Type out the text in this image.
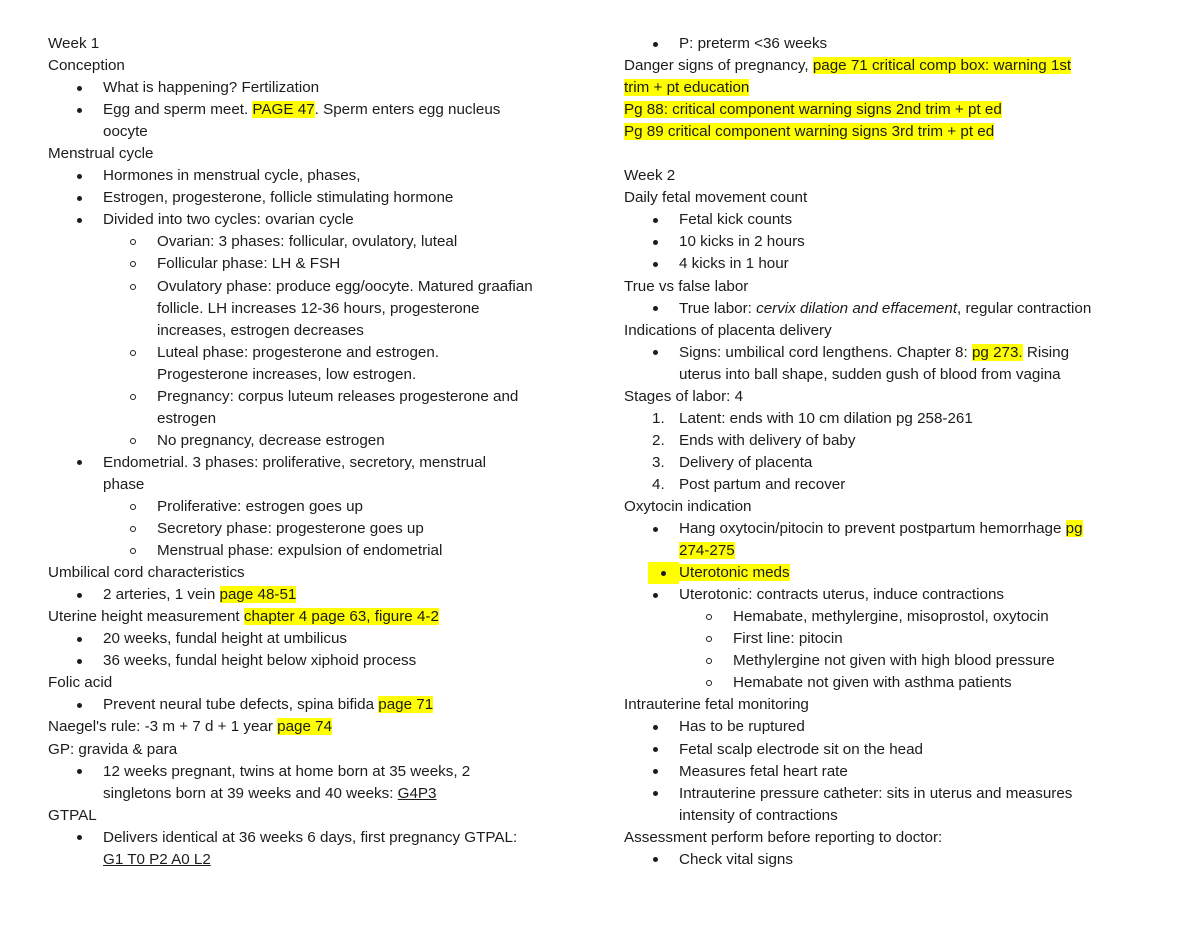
Week 1
Conception
What is happening? Fertilization
Egg and sperm meet. PAGE 47. Sperm enters egg nucleus
oocyte
Menstrual cycle
Hormones in menstrual cycle, phases,
Estrogen, progesterone, follicle stimulating hormone
Divided into two cycles: ovarian cycle
Ovarian: 3 phases: follicular, ovulatory, luteal
Follicular phase: LH & FSH
Ovulatory phase: produce egg/oocyte. Matured graafian
follicle. LH increases 12-36 hours, progesterone
increases, estrogen decreases
Luteal phase: progesterone and estrogen.
Progesterone increases, low estrogen.
Pregnancy: corpus luteum releases progesterone and
estrogen
No pregnancy, decrease estrogen
Endometrial. 3 phases: proliferative, secretory, menstrual
phase
Proliferative: estrogen goes up
Secretory phase: progesterone goes up
Menstrual phase: expulsion of endometrial
Umbilical cord characteristics
2 arteries, 1 vein page 48-51
Uterine height measurement chapter 4 page 63, figure 4-2
20 weeks, fundal height at umbilicus
36 weeks, fundal height below xiphoid process
Folic acid
Prevent neural tube defects, spina bifida page 71
Naegel's rule: -3 m + 7 d + 1 year page 74
GP: gravida & para
12 weeks pregnant, twins at home born at 35 weeks, 2
singletons born at 39 weeks and 40 weeks: G4P3
GTPAL
Delivers identical at 36 weeks 6 days, first pregnancy GTPAL:
G1 T0 P2 A0 L2
P: preterm <36 weeks
Danger signs of pregnancy, page 71 critical comp box: warning 1st
trim + pt education
Pg 88: critical component warning signs 2nd trim + pt ed
Pg 89 critical component warning signs 3rd trim + pt ed
Week 2
Daily fetal movement count
Fetal kick counts
10 kicks in 2 hours
4 kicks in 1 hour
True vs false labor
True labor: cervix dilation and effacement, regular contraction
Indications of placenta delivery
Signs: umbilical cord lengthens. Chapter 8: pg 273. Rising
uterus into ball shape, sudden gush of blood from vagina
Stages of labor: 4
1. Latent: ends with 10 cm dilation pg 258-261
2. Ends with delivery of baby
3. Delivery of placenta
4. Post partum and recover
Oxytocin indication
Hang oxytocin/pitocin to prevent postpartum hemorrhage pg
274-275
Uterotonic meds
Uterotonic: contracts uterus, induce contractions
Hemabate, methylergine, misoprostol, oxytocin
First line: pitocin
Methylergine not given with high blood pressure
Hemabate not given with asthma patients
Intrauterine fetal monitoring
Has to be ruptured
Fetal scalp electrode sit on the head
Measures fetal heart rate
Intrauterine pressure catheter: sits in uterus and measures
intensity of contractions
Assessment perform before reporting to doctor:
Check vital signs
